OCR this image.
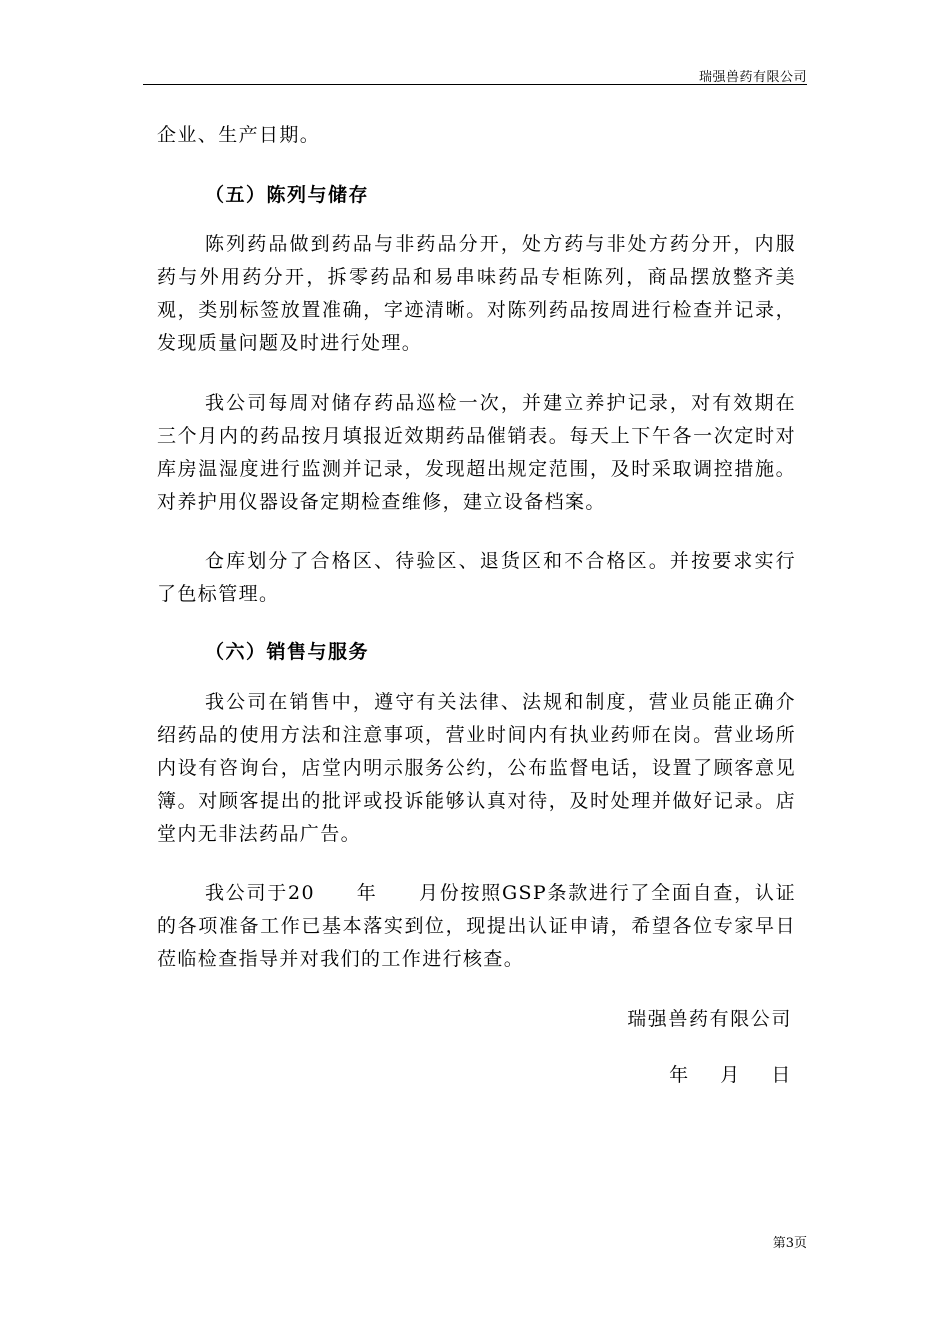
瑞强兽药有限公司
企业、生产日期。
（五）陈列与储存
陈列药品做到药品与非药品分开，处方药与非处方药分开，内服药与外用药分开，拆零药品和易串味药品专柜陈列，商品摆放整齐美观，类别标签放置准确，字迹清晰。对陈列药品按周进行检查并记录，发现质量问题及时进行处理。
我公司每周对储存药品巡检一次，并建立养护记录，对有效期在三个月内的药品按月填报近效期药品催销表。每天上下午各一次定时对库房温湿度进行监测并记录，发现超出规定范围，及时采取调控措施。对养护用仪器设备定期检查维修，建立设备档案。
仓库划分了合格区、待验区、退货区和不合格区。并按要求实行了色标管理。
（六）销售与服务
我公司在销售中，遵守有关法律、法规和制度，营业员能正确介绍药品的使用方法和注意事项，营业时间内有执业药师在岗。营业场所内设有咨询台，店堂内明示服务公约，公布监督电话，设置了顾客意见簿。对顾客提出的批评或投诉能够认真对待，及时处理并做好记录。店堂内无非法药品广告。
我公司于20　　年　　月份按照GSP条款进行了全面自查，认证的各项准备工作已基本落实到位，现提出认证申请，希望各位专家早日莅临检查指导并对我们的工作进行核查。
瑞强兽药有限公司
年    月    日
第3页
